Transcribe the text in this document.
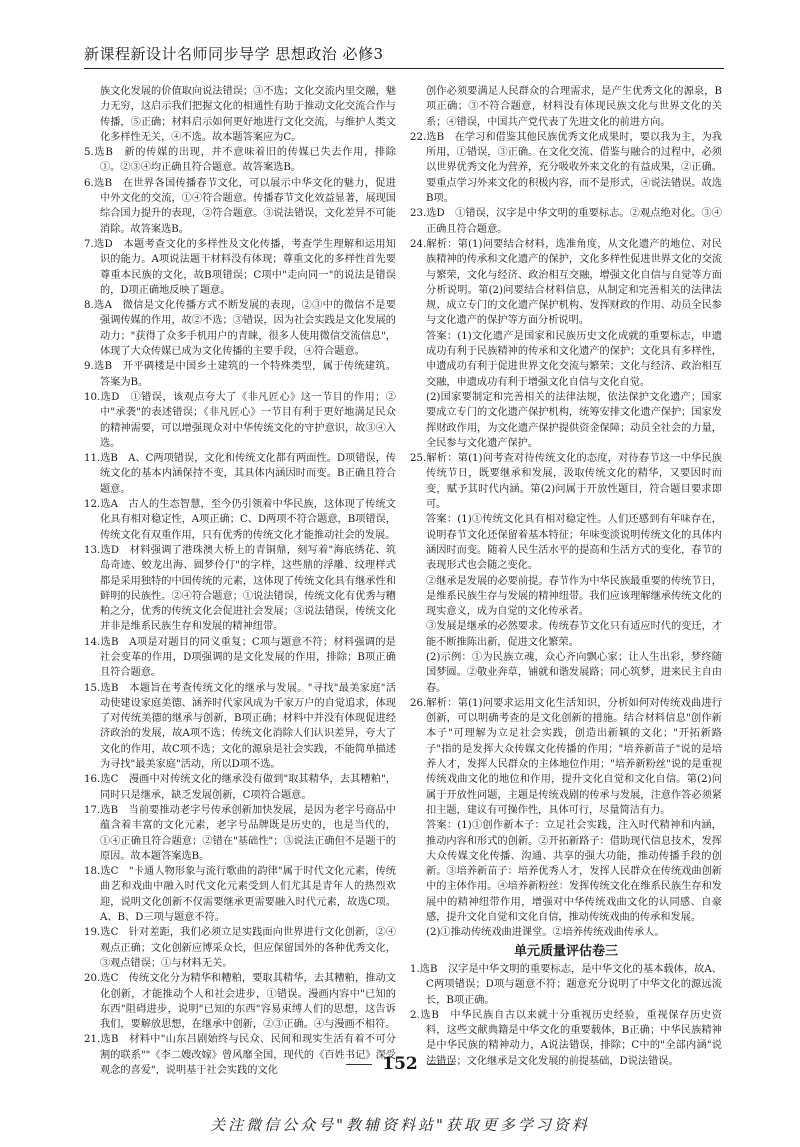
新课程新设计名师同步导学 思想政治 必修3

族文化发展的价值取向说法错误；③不选；文化交流内里交融，魅力无穷，这启示我们把握文化的相通性有助于推动文化交流合作与传播，⑤正确；材料启示如何更好地进行文化交流，与维护人类文化多样性无关，④不选。故本题答案应为C。

5.选B　新的传媒的出现，并不意味着旧的传媒已失去作用，排除①。②③④均正确且符合题意。故答案选B。

6.选B　在世界各国传播春节文化，可以展示中华文化的魅力，促进中外文化的交流，①④符合题意。传播春节文化效益显著，展现国综合国力提升的表现，②符合题意。③说法错误，文化差异不可能消除。故答案选B。

7.选D　本题考查文化的多样性及文化传播，考查学生理解和运用知识的能力。A项说法题干材料没有体现；尊重文化的多样性首先要尊重本民族的文化，故B项错误；C项中"走向同一"的说法是错误的，D项正确地反映了题意。

8.选A　微信是文化传播方式不断发展的表现，②③中的微信不是要强调传媒的作用，故②不选；③错误，因为社会实践是文化发展的动力；"获得了众多手机用户的青睐，很多人使用微信交流信息"，体现了大众传媒已成为文化传播的主要手段，④符合题意。

9.选B　开平碉楼是中国乡土建筑的一个特殊类型，属于传统建筑。答案为B。

10.选D　①错误，该观点夸大了《非凡匠心》这一节目的作用；②中"承袭"的表述错误；《非凡匠心》一节目有利于更好地满足民众的精神需要，可以增强现众对中华传统文化的守护意识，故③④入选。

11.选B　A、C两项错误，文化和传统文化都有两面性。D项错误，传统文化的基本内涵保持不变，其具体内涵因时而变。B正确且符合题意。

12.选A　古人的生态智慧，至今仍引领着中华民族，这体现了传统文化具有相对稳定性，A项正确；C、D两项不符合题意，B项错误，传统文化有双重作用，只有优秀的传统文化才能推动社会的发展。

13.选D　材料强调了港珠澳大桥上的青铜鼎，刻写着"海底绣花、筑岛奇迹、蛟龙出海、圆梦伶仃"的字样，这些鼎的浮雕、纹理样式都是采用独特的中国传统的元素，这体现了传统文化具有继承性和鲜明的民族性。②④符合题意；①说法错误，传统文化有优秀与糟粕之分，优秀的传统文化会促进社会发展；③说法错误，传统文化并非是维系民族生存和发展的精神纽带。

14.选B　A项是对题目的同义重复；C项与题意不符；材料强调的是社会变革的作用，D项强调的是文化发展的作用，排除；B项正确且符合题意。

15.选B　本题旨在考查传统文化的继承与发展。"寻找"最美家庭"活动使建设家庭美德、涵养时代家风成为千家万户的自觉追求，体现了对传统美德的继承与创新，B项正确；材料中并没有体现促进经济政治的发展，故A项不选；传统文化消除人们认识差异，夸大了文化的作用，故C项不选；文化的源泉是社会实践，不能简单描述为寻找"最美家庭"活动，所以D项不选。

16.选C　漫画中对传统文化的继承没有做到"取其精华，去其糟粕"，同时只是继承，缺乏发展创新，C项符合题意。

17.选B　当前要推动老字号传承创新加快发展，是因为老字号商品中蕴含着丰富的文化元素，老字号品牌既是历史的，也是当代的，①④正确且符合题意；②错在"基础性"；③说法正确但不是题干的原因。故本题答案选B。

18.选C　"卡通人物形象与流行歌曲的韵律"属于时代文化元素，传统曲艺和戏曲中融入时代文化元素受到人们尤其是青年人的热烈欢迎，说明文化创新不仅需要继承更需要融入时代元素，故选C项。A、B、D三项与题意不符。

19.选C　针对差距，我们必须立足实践面向世界进行文化创新，②④观点正确；文化创新应博采众长，但应保留国外的各种优秀文化，③观点错误；①与材料无关。

20.选C　传统文化分为精华和糟粕，要取其精华，去其糟粕，推动文化创新，才能推动个人和社会进步，①错误。漫画内容中"已知的东西"阻碍进步，说明"已知的东西"容易束缚人们的思想，这告诉我们，要解放思想，在继承中创新，②③正确。④与漫画不相符。

21.选B　材料中"山东吕剧始终与民众、民间和现实生活有着不可分割的联系""《李二嫂改嫁》曾风靡全国，现代的《百姓书记》深受观念的喜爱"，说明基于社会实践的文化

创作必须要满足人民群众的合理需求，是产生优秀文化的源泉，B项正确；③不符合题意，材料没有体现民族文化与世界文化的关系；④错误，中国共产党代表了先进文化的前进方向。

22.选B　在学习和借鉴其他民族优秀文化成果时，要以我为主，为我所用，①错误，③正确。在文化交流、借鉴与融合的过程中，必须以世界优秀文化为营养，充分吸收外来文化的有益成果，②正确。要重点学习外来文化的积极内容，而不是形式，④说法错误。故选B项。

23.选D　①错误，汉字是中华文明的重要标志。②观点绝对化。③④正确且符合题意。

24.解析：第(1)问要结合材料，选准角度，从文化遗产的地位、对民族精神的传承和文化遗产的保护，文化多样性促进世界文化的交流与繁荣，文化与经济、政治相互交融，增强文化自信与自觉等方面分析说明。第(2)问要结合材料信息，从制定和完善相关的法律法规、成立专门的文化遗产保护机构、发挥财政的作用、动员全民参与文化遗产的保护等方面分析说明。

答案：(1)文化遗产是国家和民族历史文化成就的重要标志，申遗成功有利于民族精神的传承和文化遗产的保护；文化具有多样性，申遗成功有利于促进世界文化交流与繁荣；文化与经济、政治相互交融，申遗成功有利于增强文化自信与文化自觉。

(2)国家要制定和完善相关的法律法规，依法保护文化遗产；国家要成立专门的文化遗产保护机构，统筹安排文化遗产保护；国家发挥财政作用，为文化遗产保护提供资金保障；动员全社会的力量，全民参与文化遗产保护。

25.解析：第(1)问考查对待传统文化的态度，对待春节这一中华民族传统节日，既要继承和发展，汲取传统文化的精华，又要因时而变，赋予其时代内涵。第(2)问属于开放性题目，符合题目要求即可。

答案：(1)①传统文化具有相对稳定性。人们还感到有年味存在，说明春节文化还保留着基本特征；年味变淡说明传统文化的具体内涵因时而变。随着人民生活水平的提高和生活方式的变化，春节的表现形式也会随之变化。

②继承是发展的必要前提。春节作为中华民族最重要的传统节日，是维系民族生存与发展的精神纽带。我们应该理解继承传统文化的现实意义，成为自觉的文化传承者。

③发展是继承的必然要求。传统春节文化只有适应时代的变迁，才能不断推陈出新，促进文化繁荣。

(2)示例：①为民族立魂，众心齐向飘心家；让人生出彩，梦终随国梦圆。②敬业奔草，铺就和谐发展路；同心筑梦，进来民主自由春。

26.解析：第(1)问要求运用文化生活知识，分析如何对传统戏曲进行创新，可以明确考查的是文化创新的措施。结合材料信息"创作新本子"可理解为立足社会实践，创造出新颖的文化；"开拓新路子"指的是发挥大众传媒文化传播的作用；"培养新苗子"说的是培养人才，发挥人民群众的主体地位作用；"培养新粉丝"说的是重视传统戏曲文化的地位和作用，提升文化自觉和文化自信。第(2)问属于开放性问题，主题是传统戏剧的传承与发展，注意作答必须紧扣主题，建议有可操作性，具体可行，尽量简洁有力。

答案：(1)①创作新本子：立足社会实践，注入时代精神和内涵，推动内容和形式的创新。②开拓新路子：借助现代信息技术，发挥大众传媒文化传播、沟通、共享的强大功能，推动传播手段的创新。③培养新苗子：培养优秀人才，发挥人民群众在传统戏曲创新中的主体作用。④培养新粉丝：发挥传统文化在维系民族生存和发展中的精神纽带作用，增强对中华传统戏曲文化的认同感、自豪感，提升文化自觉和文化自信，推动传统戏曲的传承和发展。

(2)①推动传统戏曲进课堂。②培养传统戏曲传承人。

单元质量评估卷三

1.选B　汉字是中华文明的重要标志，是中华文化的基本载体，故A、C两项错误；D项与题意不符；题意充分说明了中华文化的源远流长，B项正确。

2.选B　中华民族自古以来就十分重视历史经验，重视保存历史资料，这些文献典籍是中华文化的重要载体，B正确；中华民族精神是中华民族的精神动力，A说法错误，排除；C中的"全部内涵"说法错误；文化继承是文化发展的前提基础，D说法错误。

152
关注微信公众号"教辅资料站"获取更多学习资料
